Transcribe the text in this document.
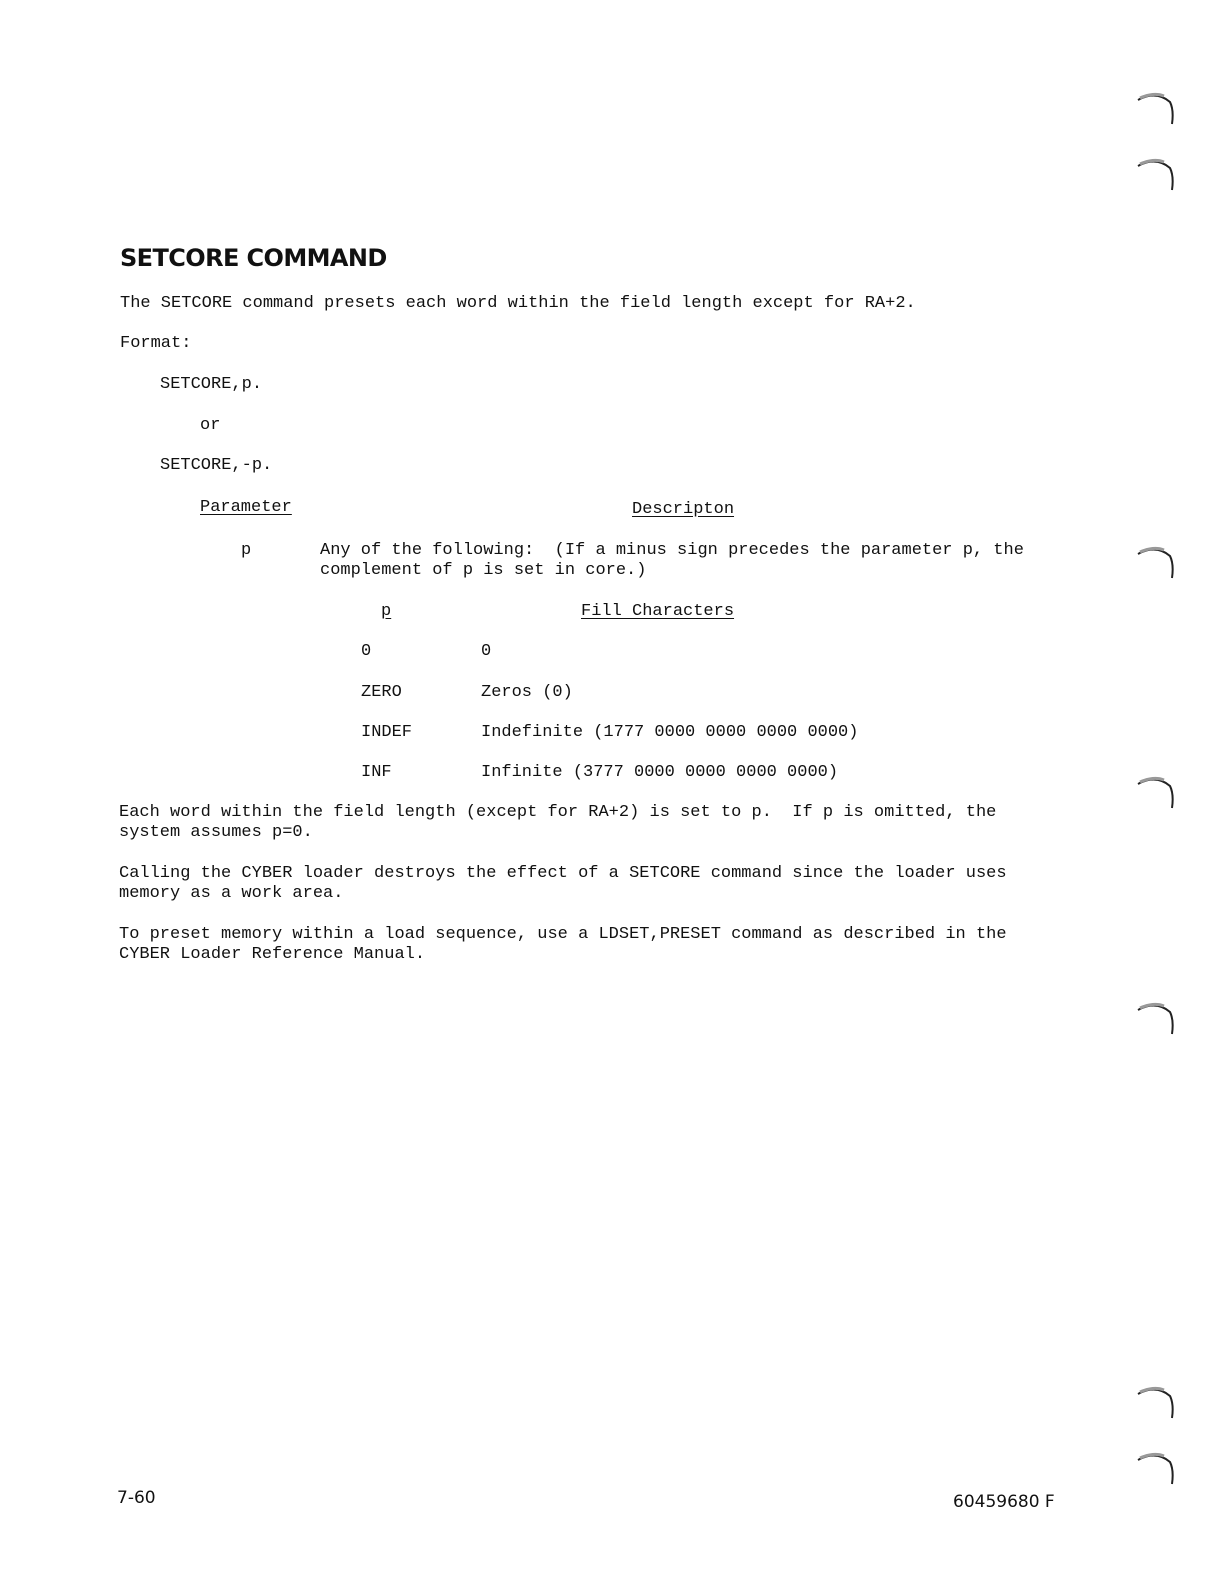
SETCORE COMMAND
The SETCORE command presets each word within the field length except for RA+2.
Format:
SETCORE,p.
or
SETCORE,-p.
Parameter	Descripton
p	Any of the following:  (If a minus sign precedes the parameter p, the
complement of p is set in core.)
p	Fill Characters
0	0
ZERO	Zeros (0)
INDEF	Indefinite (1777 0000 0000 0000 0000)
INF	Infinite (3777 0000 0000 0000 0000)
Each word within the field length (except for RA+2) is set to p.  If p is omitted, the
system assumes p=0.
Calling the CYBER loader destroys the effect of a SETCORE command since the loader uses
memory as a work area.
To preset memory within a load sequence, use a LDSET,PRESET command as described in the
CYBER Loader Reference Manual.
7-60	60459680 F
